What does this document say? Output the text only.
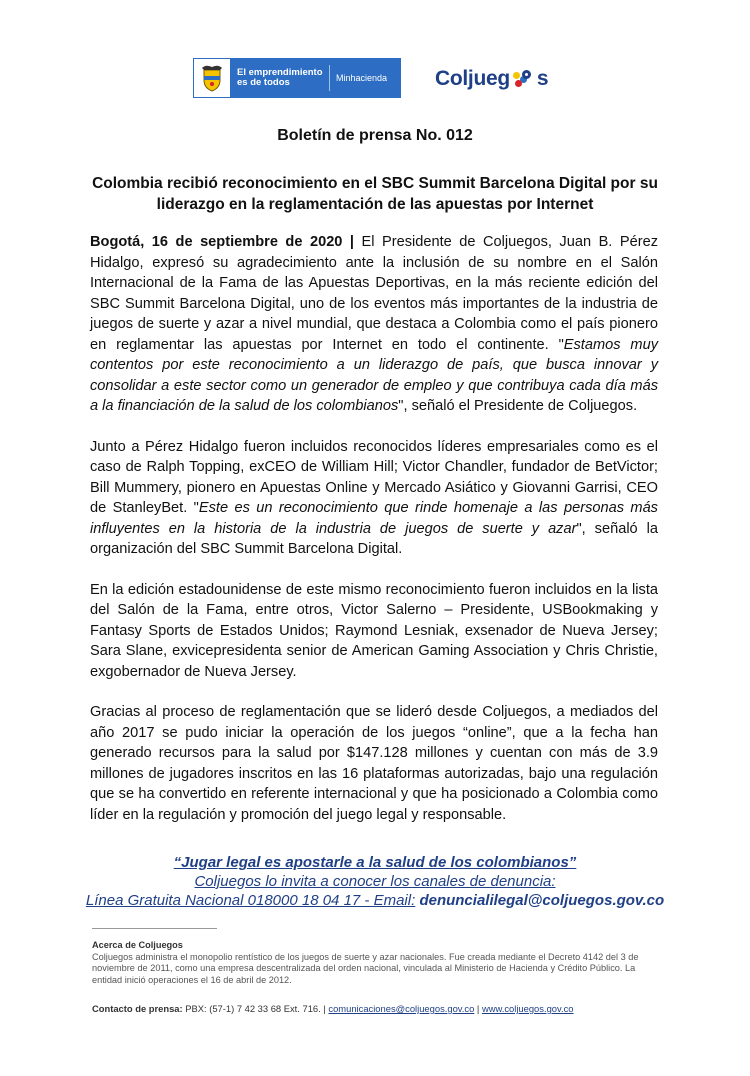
El emprendimiento es de todos	Minhacienda Coljueg s
Boletín de prensa No. 012
Colombia recibió reconocimiento en el SBC Summit Barcelona Digital por su liderazgo en la reglamentación de las apuestas por Internet

Bogotá, 16 de septiembre de 2020 | El Presidente de Coljuegos, Juan B. Pérez Hidalgo, expresó su agradecimiento ante la inclusión de su nombre en el Salón Internacional de la Fama de las Apuestas Deportivas, en la más reciente edición del SBC Summit Barcelona Digital, uno de los eventos más importantes de la industria de juegos de suerte y azar a nivel mundial, que destaca a Colombia como el país pionero en reglamentar las apuestas por Internet en todo el continente. "Estamos muy contentos por este reconocimiento a un liderazgo de país, que busca innovar y consolidar a este sector como un generador de empleo y que contribuya cada día más a la financiación de la salud de los colombianos", señaló el Presidente de Coljuegos.

Junto a Pérez Hidalgo fueron incluidos reconocidos líderes empresariales como es el caso de Ralph Topping, exCEO de William Hill; Victor Chandler, fundador de BetVictor; Bill Mummery, pionero en Apuestas Online y Mercado Asiático y Giovanni Garrisi, CEO de StanleyBet. "Este es un reconocimiento que rinde homenaje a las personas más influyentes en la historia de la industria de juegos de suerte y azar", señaló la organización del SBC Summit Barcelona Digital.

En la edición estadounidense de este mismo reconocimiento fueron incluidos en la lista del Salón de la Fama, entre otros, Victor Salerno – Presidente, USBookmaking y Fantasy Sports de Estados Unidos; Raymond Lesniak, exsenador de Nueva Jersey; Sara Slane, exvicepresidenta senior de American Gaming Association y Chris Christie, exgobernador de Nueva Jersey.

Gracias al proceso de reglamentación que se lideró desde Coljuegos, a mediados del año 2017 se pudo iniciar la operación de los juegos “online”, que a la fecha han generado recursos para la salud por $147.128 millones y cuentan con más de 3.9 millones de jugadores inscritos en las 16 plataformas autorizadas, bajo una regulación que se ha convertido en referente internacional y que ha posicionado a Colombia como líder en la regulación y promoción del juego legal y responsable.

“Jugar legal es apostarle a la salud de los colombianos”
Coljuegos lo invita a conocer los canales de denuncia:
Línea Gratuita Nacional 018000 18 04 17 - Email: denuncialilegal@coljuegos.gov.co
Acerca de Coljuegos
Coljuegos administra el monopolio rentístico de los juegos de suerte y azar nacionales. Fue creada mediante el Decreto 4142 del 3 de noviembre de 2011, como una empresa descentralizada del orden nacional, vinculada al Ministerio de Hacienda y Crédito Público. La entidad inició operaciones el 16 de abril de 2012.
Contacto de prensa: PBX: (57-1) 7 42 33 68 Ext. 716. | comunicaciones@coljuegos.gov.co | www.coljuegos.gov.co
